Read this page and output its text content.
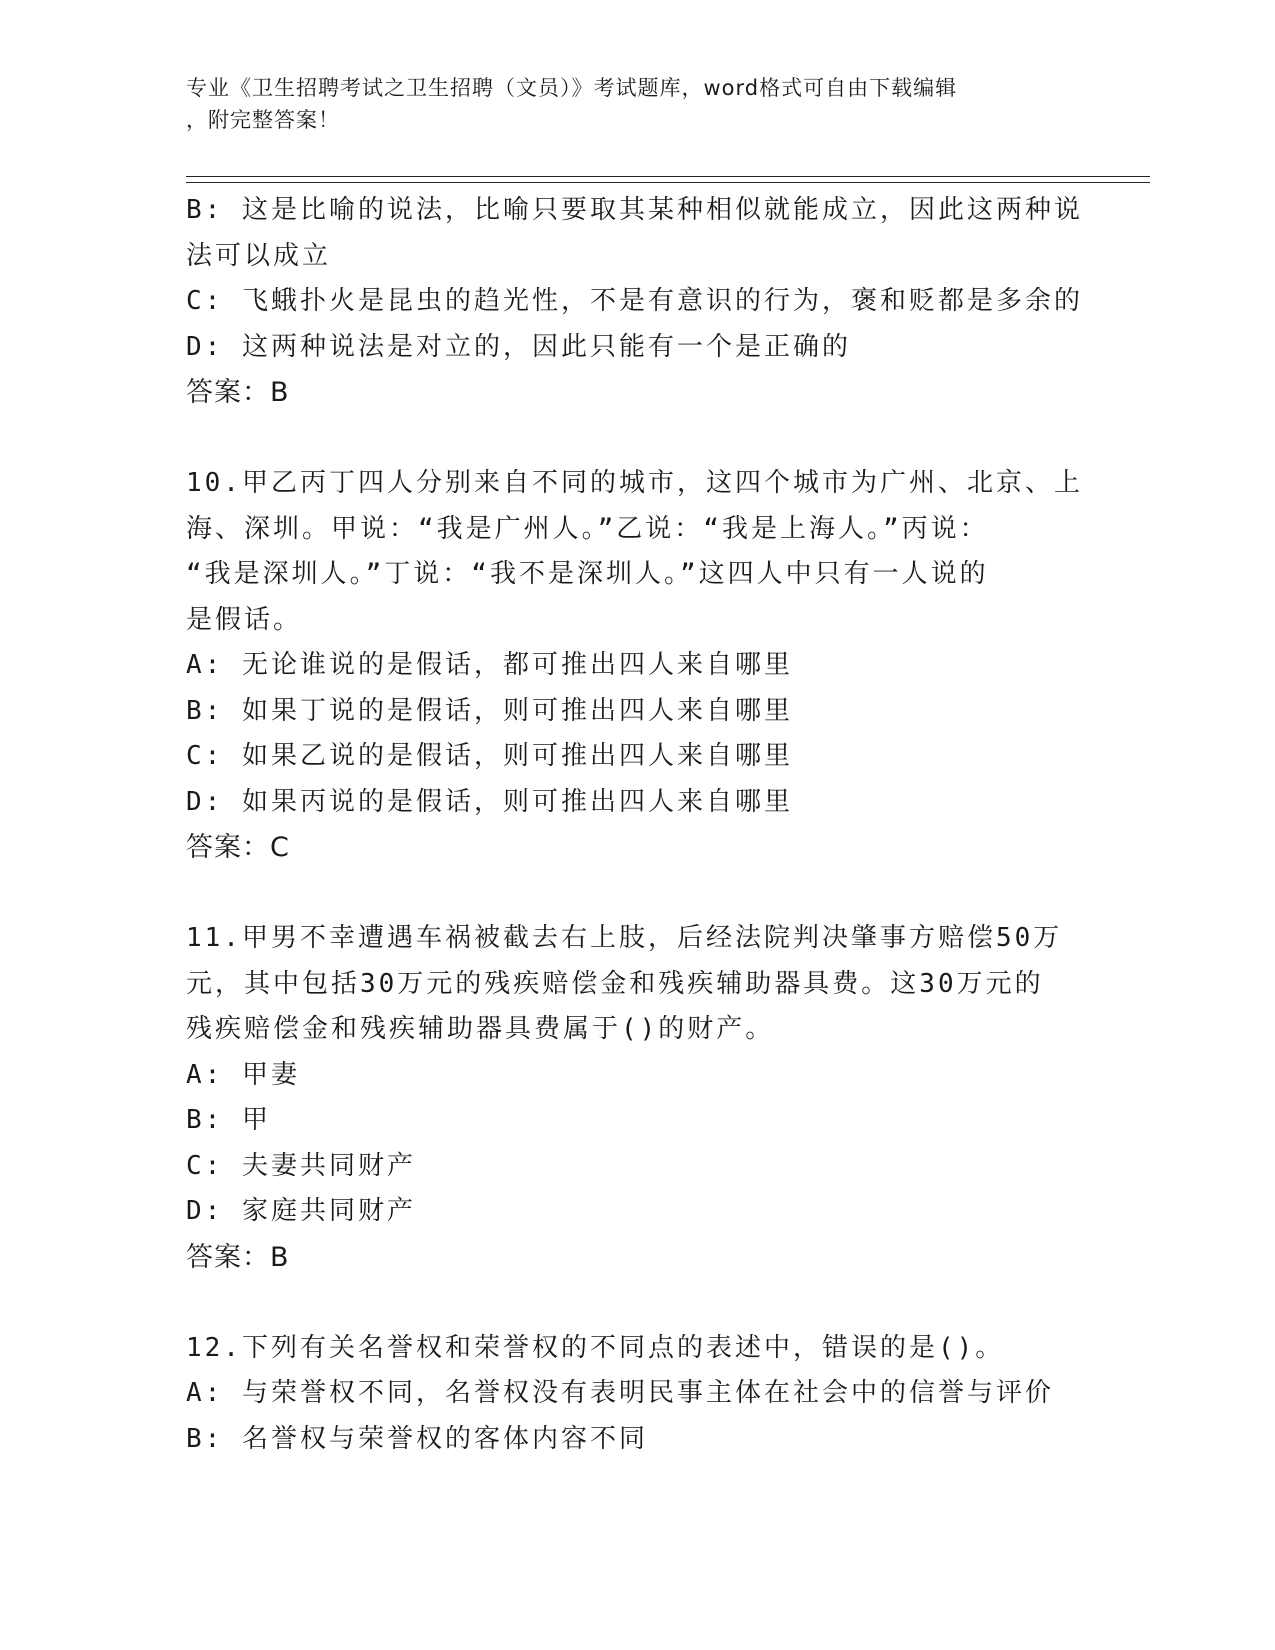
专业《卫生招聘考试之卫生招聘（文员）》考试题库，word格式可自由下载编辑
，附完整答案！
B: 这是比喻的说法，比喻只要取其某种相似就能成立，因此这两种说
法可以成立
C: 飞蛾扑火是昆虫的趋光性，不是有意识的行为，褒和贬都是多余的
D: 这两种说法是对立的，因此只能有一个是正确的
答案：B
10.甲乙丙丁四人分别来自不同的城市，这四个城市为广州、北京、上
海、深圳。甲说：“我是广州人。”乙说：“我是上海人。”丙说：
“我是深圳人。”丁说：“我不是深圳人。”这四人中只有一人说的
是假话。
A: 无论谁说的是假话，都可推出四人来自哪里
B: 如果丁说的是假话，则可推出四人来自哪里
C: 如果乙说的是假话，则可推出四人来自哪里
D: 如果丙说的是假话，则可推出四人来自哪里
答案：C
11.甲男不幸遭遇车祸被截去右上肢，后经法院判决肇事方赔偿50万
元，其中包括30万元的残疾赔偿金和残疾辅助器具费。这30万元的
残疾赔偿金和残疾辅助器具费属于()的财产。
A: 甲妻
B: 甲
C: 夫妻共同财产
D: 家庭共同财产
答案：B
12.下列有关名誉权和荣誉权的不同点的表述中，错误的是()。
A: 与荣誉权不同，名誉权没有表明民事主体在社会中的信誉与评价
B: 名誉权与荣誉权的客体内容不同
